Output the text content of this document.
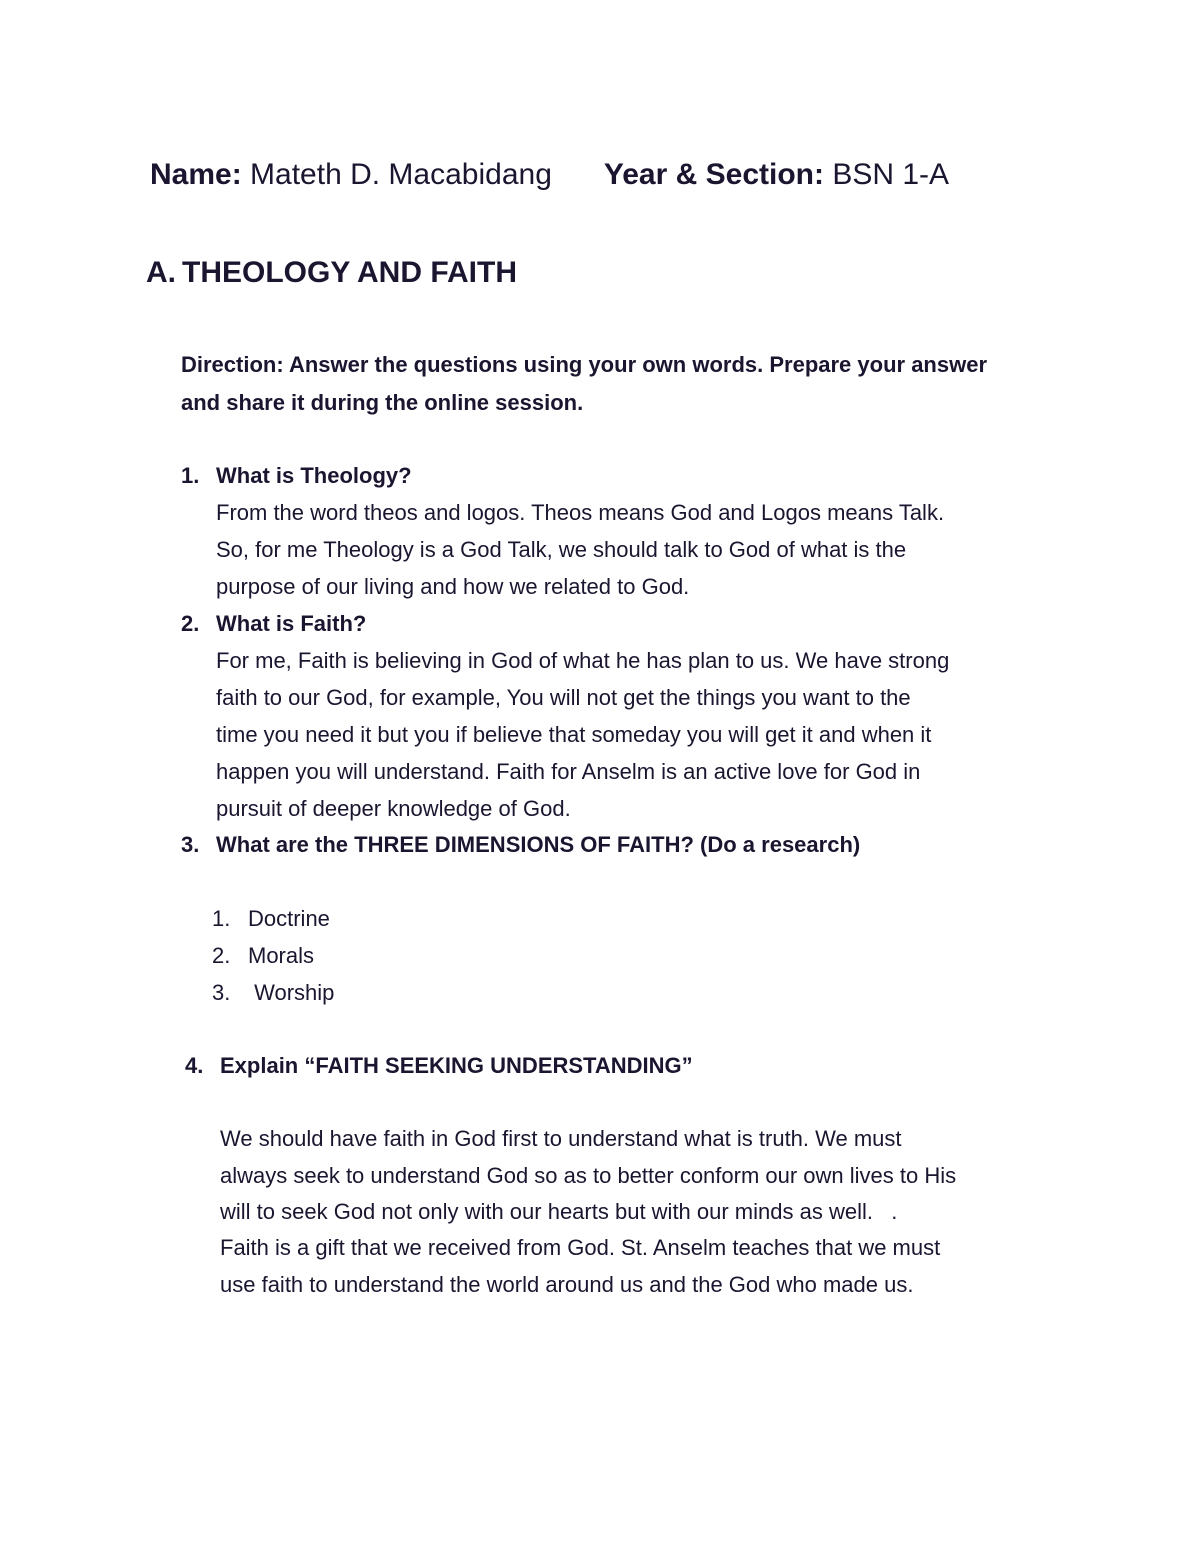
Name: Mateth D. Macabidang Year & Section: BSN 1-A
A. THEOLOGY AND FAITH
Direction: Answer the questions using your own words. Prepare your answer
and share it during the online session.
1. What is Theology?
From the word theos and logos. Theos means God and Logos means Talk.
So, for me Theology is a God Talk, we should talk to God of what is the
purpose of our living and how we related to God.
2. What is Faith?
For me, Faith is believing in God of what he has plan to us. We have strong
faith to our God, for example, You will not get the things you want to the
time you need it but you if believe that someday you will get it and when it
happen you will understand. Faith for Anselm is an active love for God in
pursuit of deeper knowledge of God.
3. What are the THREE DIMENSIONS OF FAITH? (Do a research)
1. Doctrine
2. Morals
3. Worship
4. Explain “FAITH SEEKING UNDERSTANDING”
We should have faith in God first to understand what is truth. We must
always seek to understand God so as to better conform our own lives to His
will to seek God not only with our hearts but with our minds as well.   .
Faith is a gift that we received from God. St. Anselm teaches that we must
use faith to understand the world around us and the God who made us.
